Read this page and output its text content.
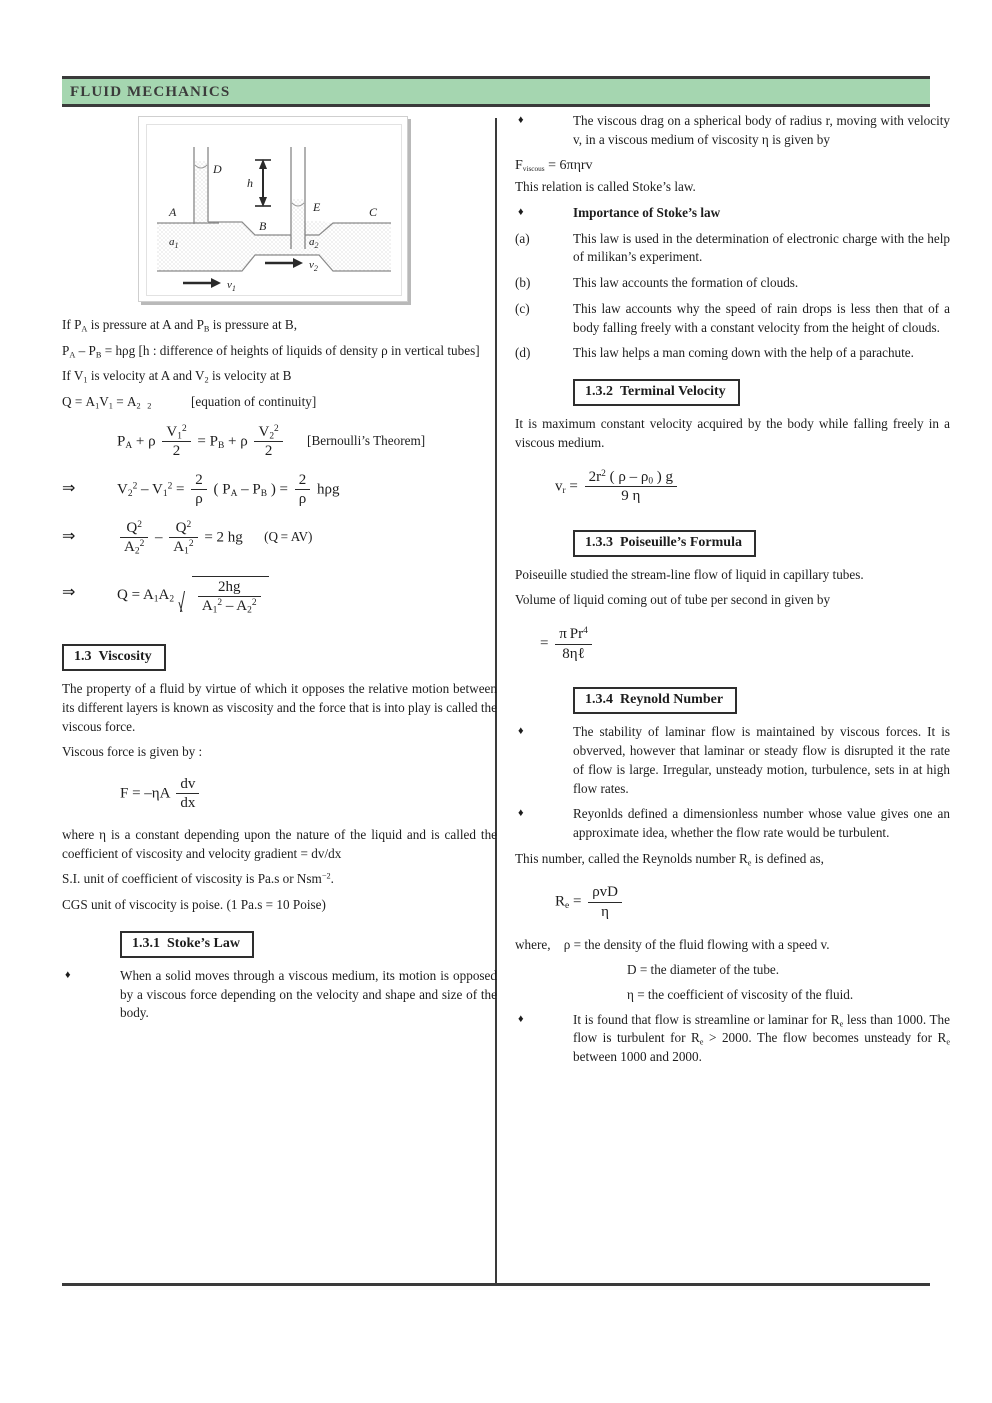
FLUID MECHANICS
D
h
E
A
B
C
$a_1$	$a_2$
$v_1$
$v_2$

If $P_A$ is pressure at A and $P_B$ is pressure at B,

$P_A - P_B = h\rho g$ [h : difference of heights of liquids of density ρ in vertical tubes]

If $V_1$ is velocity at A and $V_2$ is velocity at B

$Q = A_1V_1 = A_2$ $_2$	[equation of continuity]

$P_A + \rho \frac{V_1^2}{2} = P_B + \rho \frac{V_2^2}{2}$ [Bernoulli’s Theorem]
⇒	$V_2^2 - V_1^2 = \frac{2}{\rho}$ ( $P_A - P_B$ ) = $\frac{2}{\rho}$ hρg
⇒	$\frac{Q^2}{A_2^2} - \frac{Q^2}{A_1^2} = 2$ hg (Q = AV)
⇒	$Q = A_1A_2 \frac{2hg}{A_1^2 - A_2^2}$
1.3 Viscosity

The property of a fluid by virtue of which it opposes the relative motion between its different layers is known as viscosity and the force that is into play is called the viscous force.

Viscous force is given by :

$F = -\eta A \frac{dv}{dx}$

where η is a constant depending upon the nature of the liquid and is called the coefficient of viscosity and velocity gradient = dv/dx

S.I. unit of coefficient of viscosity is Pa.s or Nsm$^{-2}$.

CGS unit of viscocity is poise. (1 Pa.s = 10 Poise)

1.3.1 Stoke’s Law
♦	When a solid moves through a viscous medium, its motion is opposed by a viscous force depending on the velocity and shape and size of the body.
♦	The viscous drag on a spherical body of radius r, moving with velocity v, in a viscous medium of viscosity η is given by

$F_{viscous} = 6\pi\eta rv$

This relation is called Stoke’s law.

♦	Importance of Stoke’s law
(a)	This law is used in the determination of electronic charge with the help of milikan’s experiment.
(b)	This law accounts the formation of clouds.
(c)	This law accounts why the speed of rain drops is less then that of a body falling freely with a constant velocity from the height of clouds.
(d)	This law helps a man coming down with the help of a parachute.
1.3.2 Terminal Velocity

It is maximum constant velocity acquired by the body while falling freely in a viscous medium.

$v_r = \frac{2r^2 ( \rho - \rho_0 ) g}{9 \eta}$
1.3.3 Poiseuille’s Formula

Poiseuille studied the stream-line flow of liquid in capillary tubes.

Volume of liquid coming out of tube per second in given by

= $\frac{\pi Pr^4}{\text{8ηℓ}}$
1.3.4 Reynold Number
♦	The stability of laminar flow is maintained by viscous forces. It is obverved, however that laminar or steady flow is disrupted it the rate of flow is large. Irregular, unsteady motion, turbulence, sets in at high flow rates.
♦	Reyonlds defined a dimensionless number whose value gives one an approximate idea, whether the flow rate would be turbulent.

This number, called the Reynolds number $R_e$ is defined as,

$R_e = \frac{\text{ρvD}}{\eta}$

where, ρ = the density of the fluid flowing with a speed v.

D = the diameter of the tube.

η = the coefficient of viscosity of the fluid.

♦	It is found that flow is streamline or laminar for $R_e$ less than 1000. The flow is turbulent for $R_e > 2000$. The flow becomes unsteady for $R_e$ between 1000 and 2000.
